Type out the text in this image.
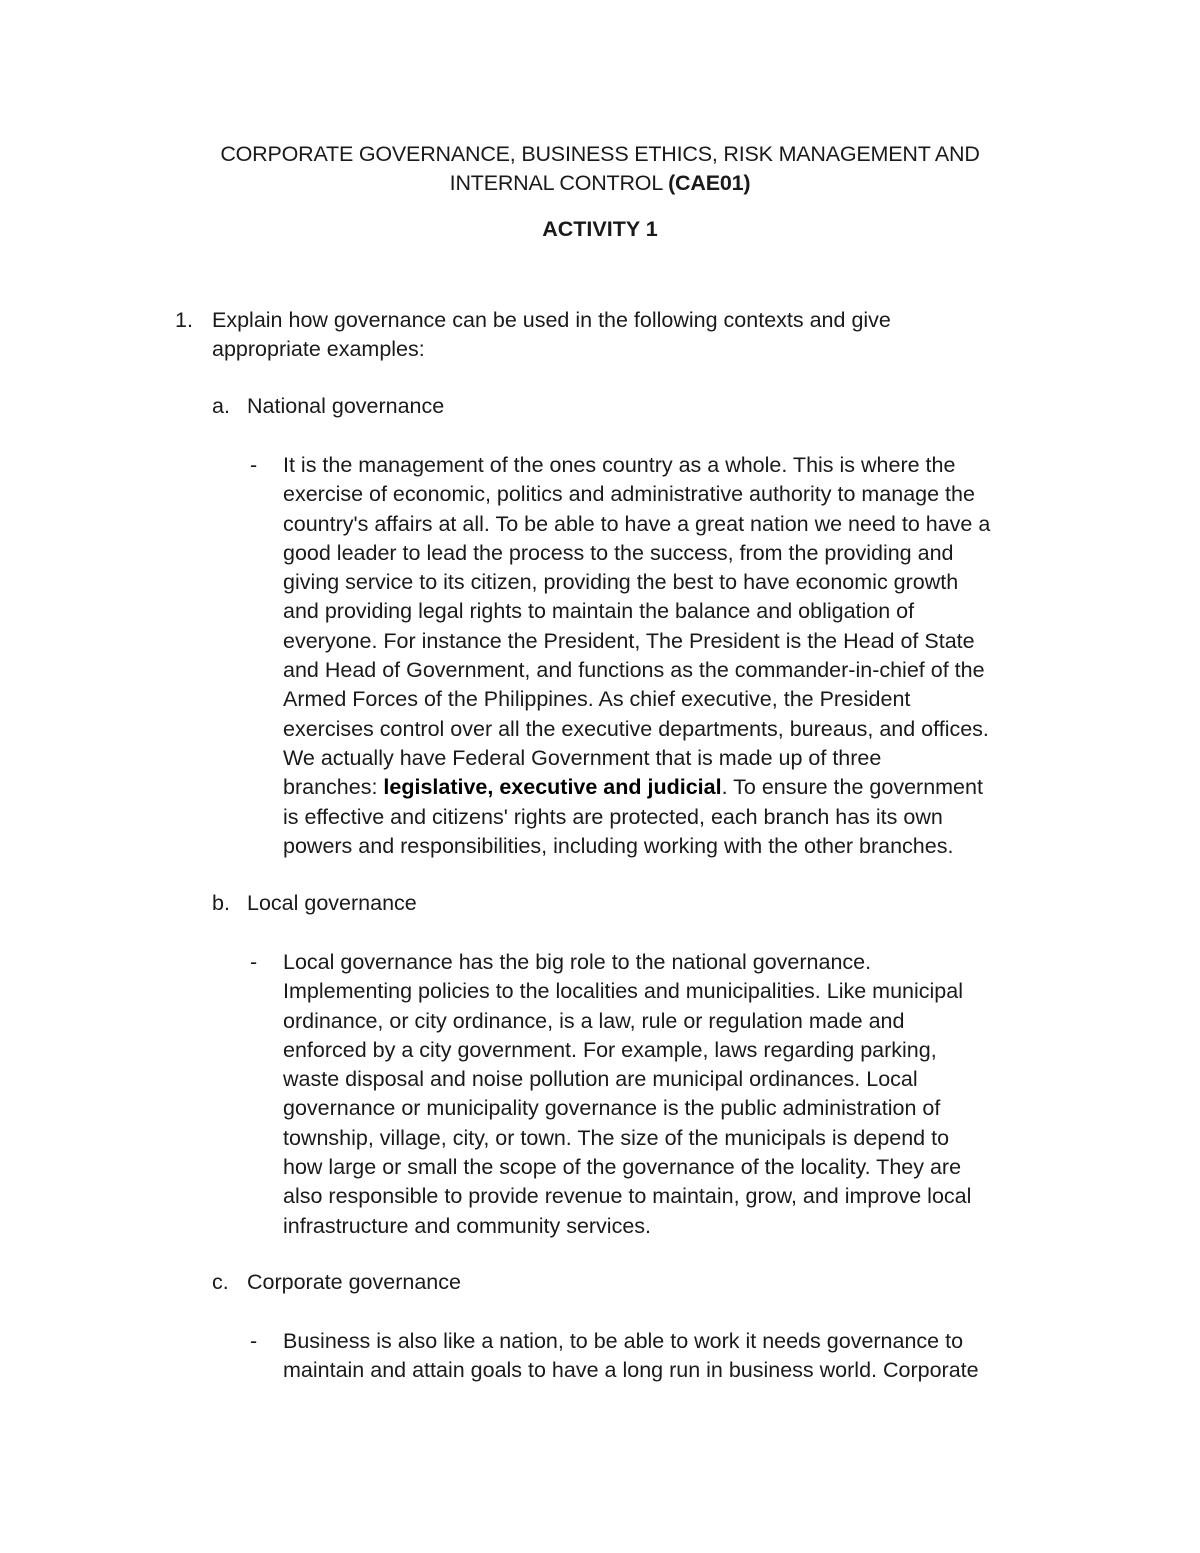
CORPORATE GOVERNANCE, BUSINESS ETHICS, RISK MANAGEMENT AND
INTERNAL CONTROL (CAE01)
ACTIVITY 1
1. Explain how governance can be used in the following contexts and give
appropriate examples:
a. National governance
- It is the management of the ones country as a whole. This is where the
exercise of economic, politics and administrative authority to manage the
country's affairs at all. To be able to have a great nation we need to have a
good leader to lead the process to the success, from the providing and
giving service to its citizen, providing the best to have economic growth
and providing legal rights to maintain the balance and obligation of
everyone. For instance the President, The President is the Head of State
and Head of Government, and functions as the commander-in-chief of the
Armed Forces of the Philippines. As chief executive, the President
exercises control over all the executive departments, bureaus, and offices.
We actually have Federal Government that is made up of three
branches: legislative, executive and judicial. To ensure the government
is effective and citizens' rights are protected, each branch has its own
powers and responsibilities, including working with the other branches.
b. Local governance
- Local governance has the big role to the national governance.
Implementing policies to the localities and municipalities. Like municipal
ordinance, or city ordinance, is a law, rule or regulation made and
enforced by a city government. For example, laws regarding parking,
waste disposal and noise pollution are municipal ordinances. Local
governance or municipality governance is the public administration of
township, village, city, or town. The size of the municipals is depend to
how large or small the scope of the governance of the locality. They are
also responsible to provide revenue to maintain, grow, and improve local
infrastructure and community services.
c. Corporate governance
- Business is also like a nation, to be able to work it needs governance to
maintain and attain goals to have a long run in business world. Corporate
